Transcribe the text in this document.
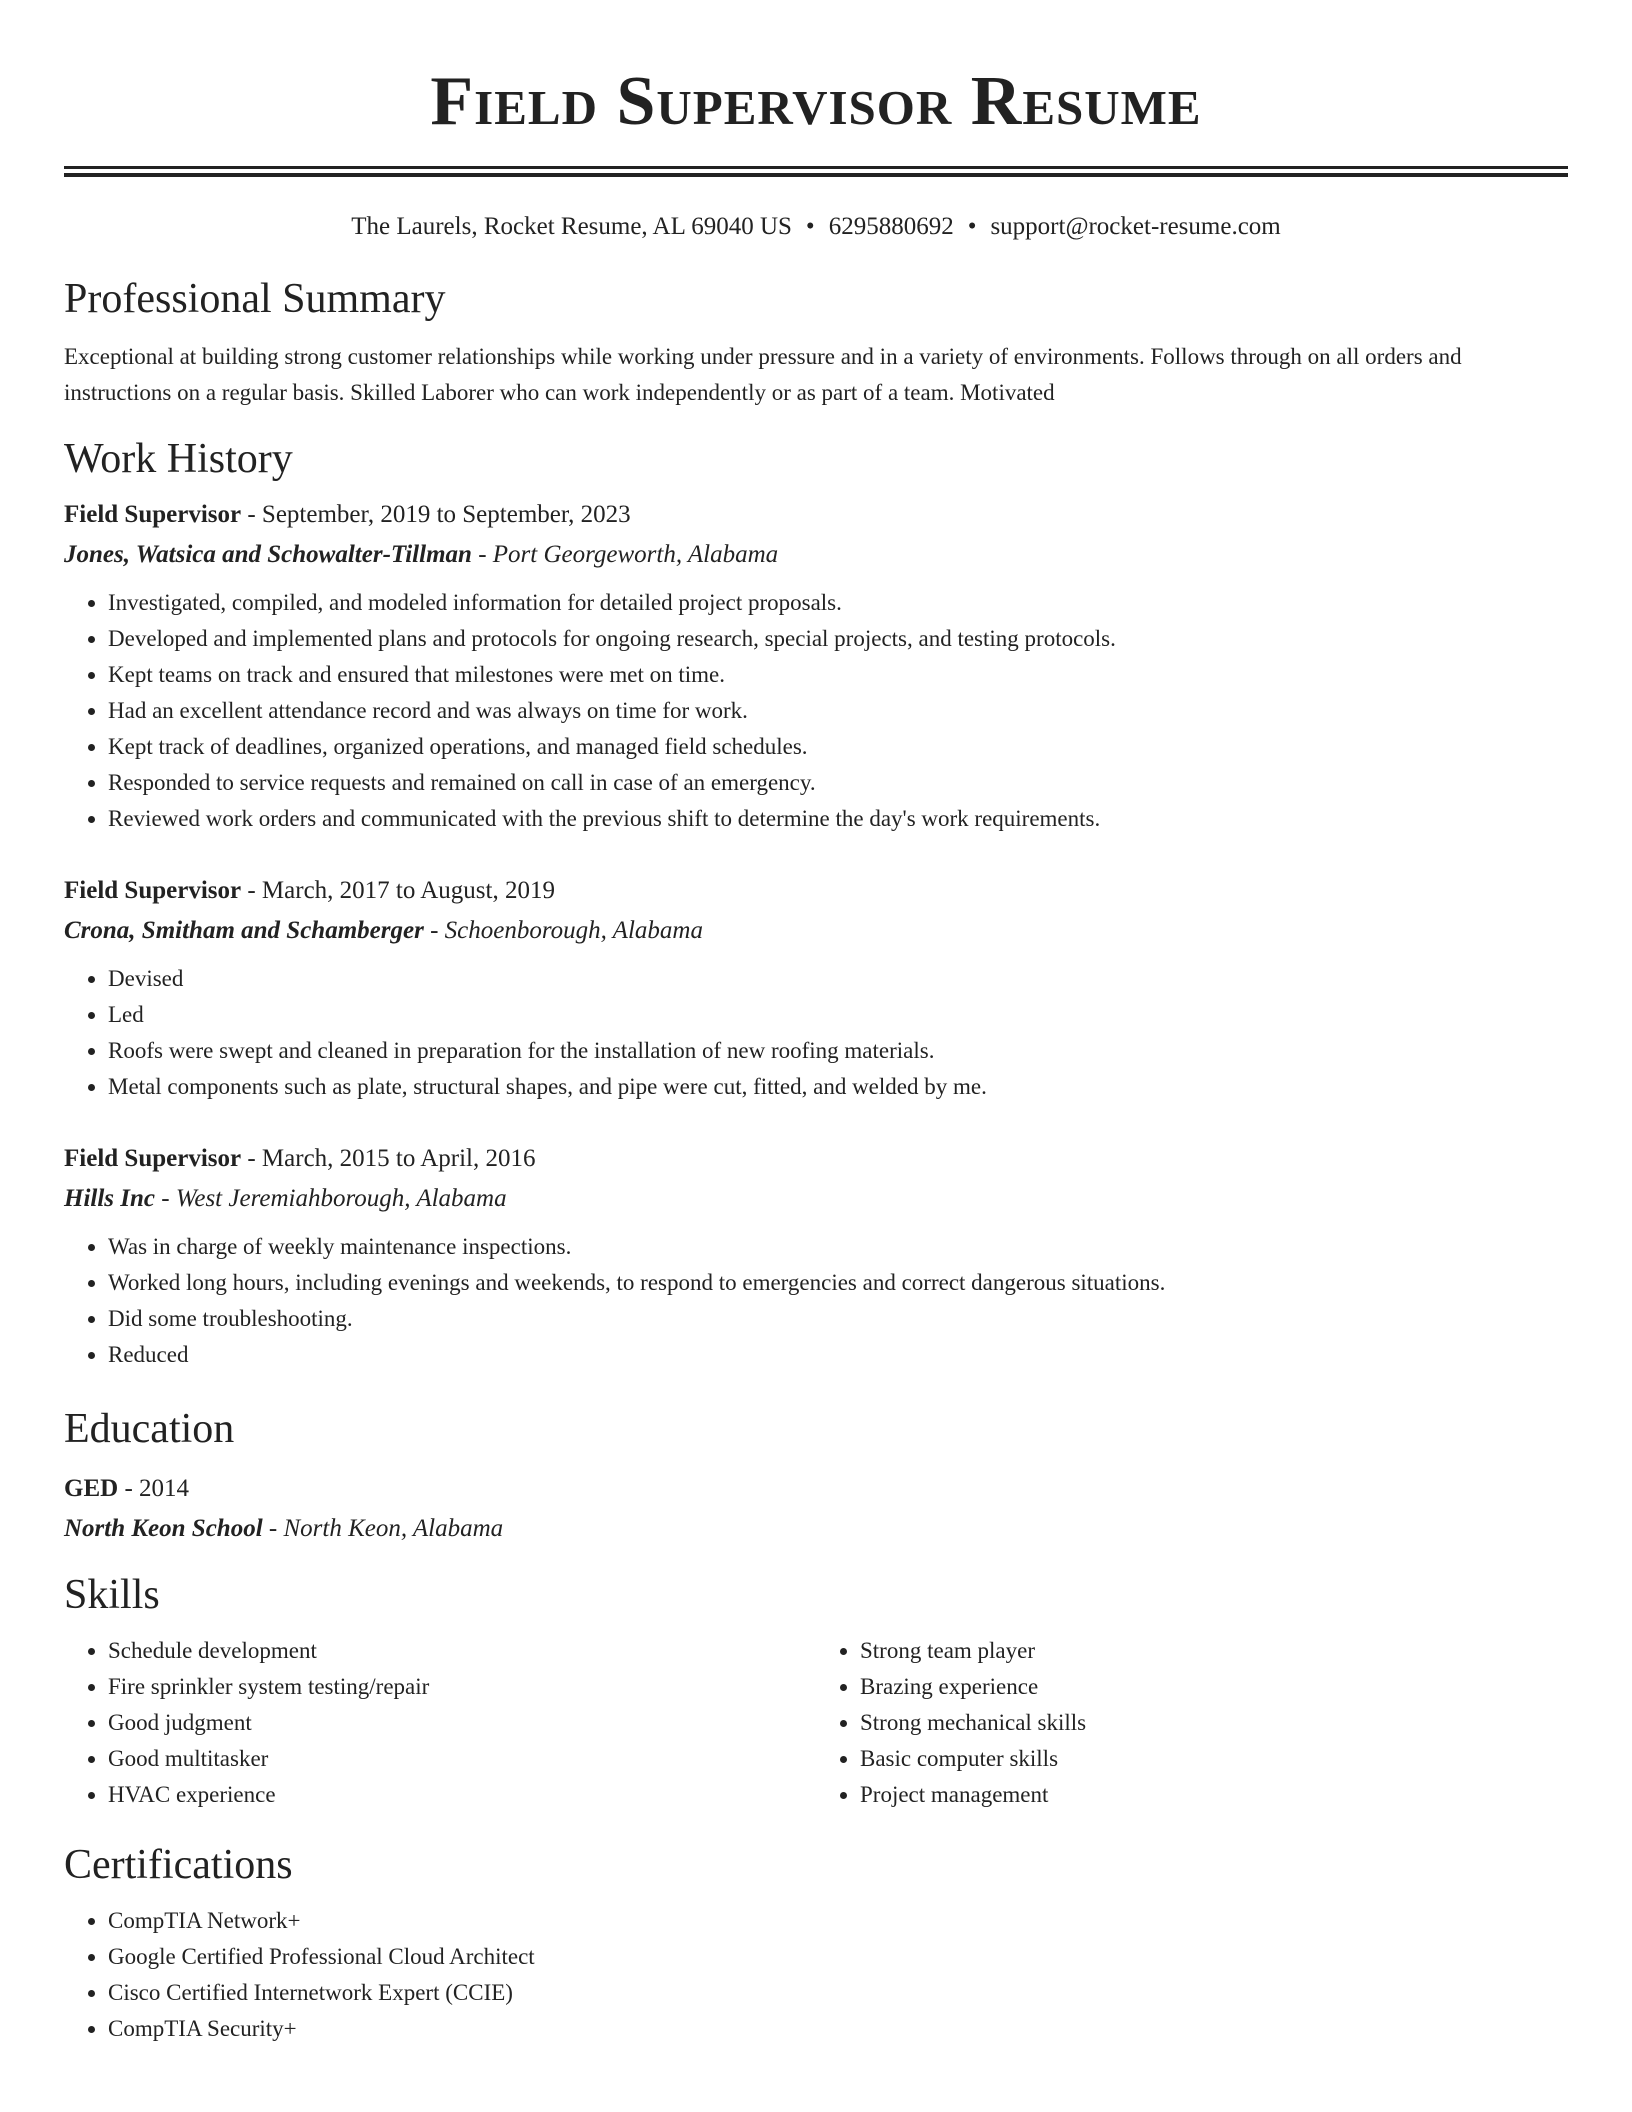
Field Supervisor Resume
The Laurels, Rocket Resume, AL 69040 US • 6295880692 • support@rocket-resume.com
Professional Summary

Exceptional at building strong customer relationships while working under pressure and in a variety of environments. Follows through on all orders and instructions on a regular basis. Skilled Laborer who can work independently or as part of a team. Motivated

Work History

Field Supervisor - September, 2019 to September, 2023

Jones, Watsica and Schowalter-Tillman - Port Georgeworth, Alabama

• Investigated, compiled, and modeled information for detailed project proposals.
• Developed and implemented plans and protocols for ongoing research, special projects, and testing protocols.
• Kept teams on track and ensured that milestones were met on time.
• Had an excellent attendance record and was always on time for work.
• Kept track of deadlines, organized operations, and managed field schedules.
• Responded to service requests and remained on call in case of an emergency.
• Reviewed work orders and communicated with the previous shift to determine the day's work requirements.

Field Supervisor - March, 2017 to August, 2019

Crona, Smitham and Schamberger - Schoenborough, Alabama

• Devised
• Led
• Roofs were swept and cleaned in preparation for the installation of new roofing materials.
• Metal components such as plate, structural shapes, and pipe were cut, fitted, and welded by me.

Field Supervisor - March, 2015 to April, 2016

Hills Inc - West Jeremiahborough, Alabama

• Was in charge of weekly maintenance inspections.
• Worked long hours, including evenings and weekends, to respond to emergencies and correct dangerous situations.
• Did some troubleshooting.
• Reduced
Education

GED - 2014

North Keon School - North Keon, Alabama

Skills
• Schedule development
• Fire sprinkler system testing/repair
• Good judgment
• Good multitasker
• HVAC experience
• Strong team player
• Brazing experience
• Strong mechanical skills
• Basic computer skills
• Project management
Certifications
• CompTIA Network+
• Google Certified Professional Cloud Architect
• Cisco Certified Internetwork Expert (CCIE)
• CompTIA Security+
